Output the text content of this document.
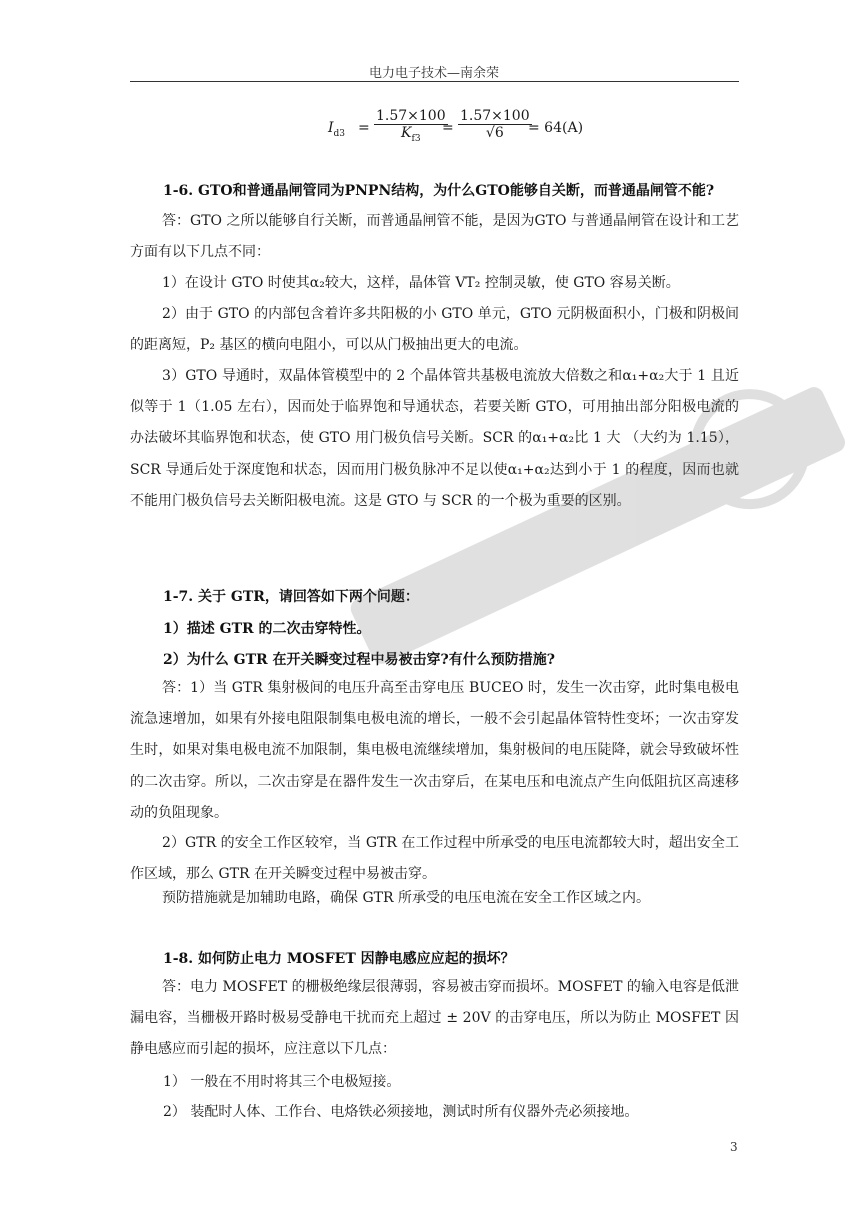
电力电子技术—南余荣
$I_{d3} = \frac{1.57\times 100}{K_{f3}}$
= $\frac{1.57\times 100}{√6}$
= 64(A)
1-6. GTO和普通晶闸管同为PNPN结构，为什么GTO能够自关断，而普通晶闸管不能?
答：GTO 之所以能够自行关断，而普通晶闸管不能，是因为GTO 与普通晶闸管在设计和工艺方面有以下几点不同：
1）在设计 GTO 时使其α₂较大，这样，晶体管 VT₂ 控制灵敏，使 GTO 容易关断。
2）由于 GTO 的内部包含着许多共阳极的小 GTO 单元，GTO 元阴极面积小，门极和阴极间的距离短，P₂ 基区的横向电阻小，可以从门极抽出更大的电流。
3）GTO 导通时，双晶体管模型中的 2 个晶体管共基极电流放大倍数之和α₁+α₂大于 1 且近似等于 1（1.05 左右），因而处于临界饱和导通状态，若要关断 GTO，可用抽出部分阳极电流的办法破坏其临界饱和状态，使 GTO 用门极负信号关断。SCR 的α₁+α₂比 1 大 （大约为 1.15），SCR 导通后处于深度饱和状态，因而用门极负脉冲不足以使α₁+α₂达到小于 1 的程度，因而也就不能用门极负信号去关断阳极电流。这是 GTO 与 SCR 的一个极为重要的区别。
1-7. 关于 GTR，请回答如下两个问题：
1）描述 GTR 的二次击穿特性。
2）为什么 GTR 在开关瞬变过程中易被击穿?有什么预防措施?
答：1）当 GTR 集射极间的电压升高至击穿电压 BUCEO 时，发生一次击穿，此时集电极电流急速增加，如果有外接电阻限制集电极电流的增长，一般不会引起晶体管特性变坏；一次击穿发生时，如果对集电极电流不加限制，集电极电流继续增加，集射极间的电压陡降，就会导致破坏性的二次击穿。所以，二次击穿是在器件发生一次击穿后，在某电压和电流点产生向低阻抗区高速移动的负阻现象。
2）GTR 的安全工作区较窄，当 GTR 在工作过程中所承受的电压电流都较大时，超出安全工作区域，那么 GTR 在开关瞬变过程中易被击穿。
预防措施就是加辅助电路，确保 GTR 所承受的电压电流在安全工作区域之内。
1-8. 如何防止电力 MOSFET 因静电感应应起的损坏？
答：电力 MOSFET 的栅极绝缘层很薄弱，容易被击穿而损坏。MOSFET 的输入电容是低泄漏电容，当栅极开路时极易受静电干扰而充上超过 ± 20V 的击穿电压，所以为防止 MOSFET 因静电感应而引起的损坏，应注意以下几点：
1） 一般在不用时将其三个电极短接。
2） 装配时人体、工作台、电烙铁必须接地，测试时所有仪器外壳必须接地。
3
